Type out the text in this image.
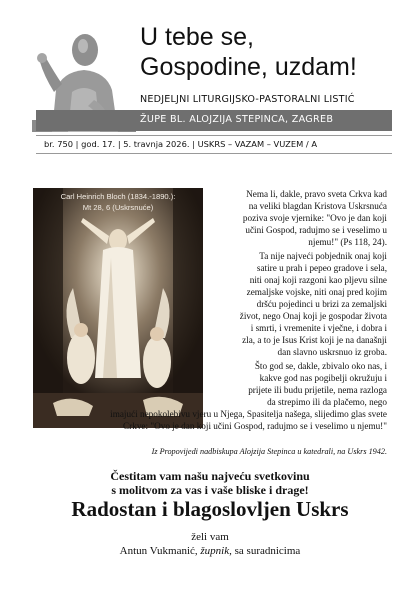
U tebe se,
Gospodine, uzdam!
NEDJELJNI LITURGIJSKO-PASTORALNI LISTIĆ
ŽUPE BL. ALOJZIJA STEPINCA, ZAGREB
br. 750 | god. 17. | 5. travnja 2026. | USKRS – VAZAM – VUZEM / A
Carl Heinrich Bloch (1834.-1890.):
Mt 28, 6 (Uskrsnuće)
Nema li, dakle, pravo sveta Crkva kad
na veliki blagdan Kristova Uskrsnuća
poziva svoje vjernike: "Ovo je dan koji
učini Gospod, radujmo se i veselimo u
njemu!" (Ps 118, 24).
Ta nije najveći pobjednik onaj koji
satire u prah i pepeo gradove i sela,
niti onaj koji razgoni kao pljevu silne
zemaljske vojske, niti onaj pred kojim
dršću pojedinci u brizi za zemaljski
život, nego Onaj koji je gospodar života
i smrti, i vremenite i vječne, i dobra i
zla, a to je Isus Krist koji je na današnji
dan slavno uskrsnuo iz groba.
Što god se, dakle, zbivalo oko nas, i
kakve god nas pogibelji okružuju i
prijete ili budu prijetile, nema razloga
da strepimo ili da plačemo, nego
imajući nepokolebivu vjeru u Njega, Spasitelja našega, slijedimo glas svete
Crkve: "Ovo je dan koji učini Gospod, radujmo se i veselimo u njemu!"
Iz Propovijedi nadbiskupa Alojzija Stepinca u katedrali, na Uskrs 1942.
Čestitam vam našu najveću svetkovinu
s molitvom za vas i vaše bliske i drage!
Radostan i blagoslovljen Uskrs
želi vam
Antun Vukmanić, župnik, sa suradnicima
